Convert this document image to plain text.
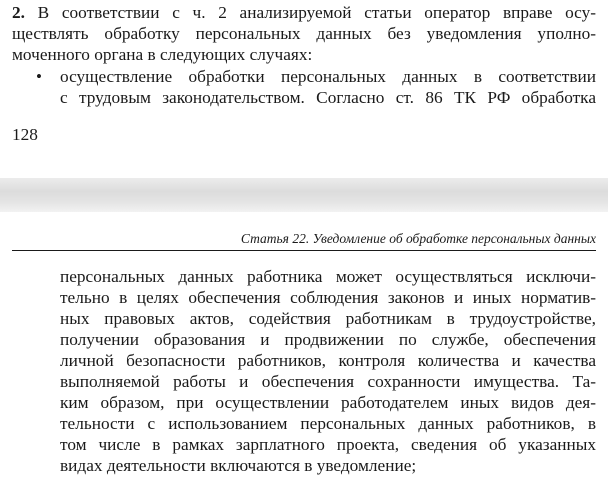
2. В соответствии с ч. 2 анализируемой статьи оператор вправе осу-
ществлять обработку персональных данных без уведомления уполно-
моченного органа в следующих случаях:
• осуществление обработки персональных данных в соответствии
с трудовым законодательством. Согласно ст. 86 ТК РФ обработка
128
Статья 22. Уведомление об обработке персональных данных
персональных данных работника может осуществляться исключи-
тельно в целях обеспечения соблюдения законов и иных норматив-
ных правовых актов, содействия работникам в трудоустройстве,
получении образования и продвижении по службе, обеспечения
личной безопасности работников, контроля количества и качества
выполняемой работы и обеспечения сохранности имущества. Та-
ким образом, при осуществлении работодателем иных видов дея-
тельности с использованием персональных данных работников, в
том числе в рамках зарплатного проекта, сведения об указанных
видах деятельности включаются в уведомление;
